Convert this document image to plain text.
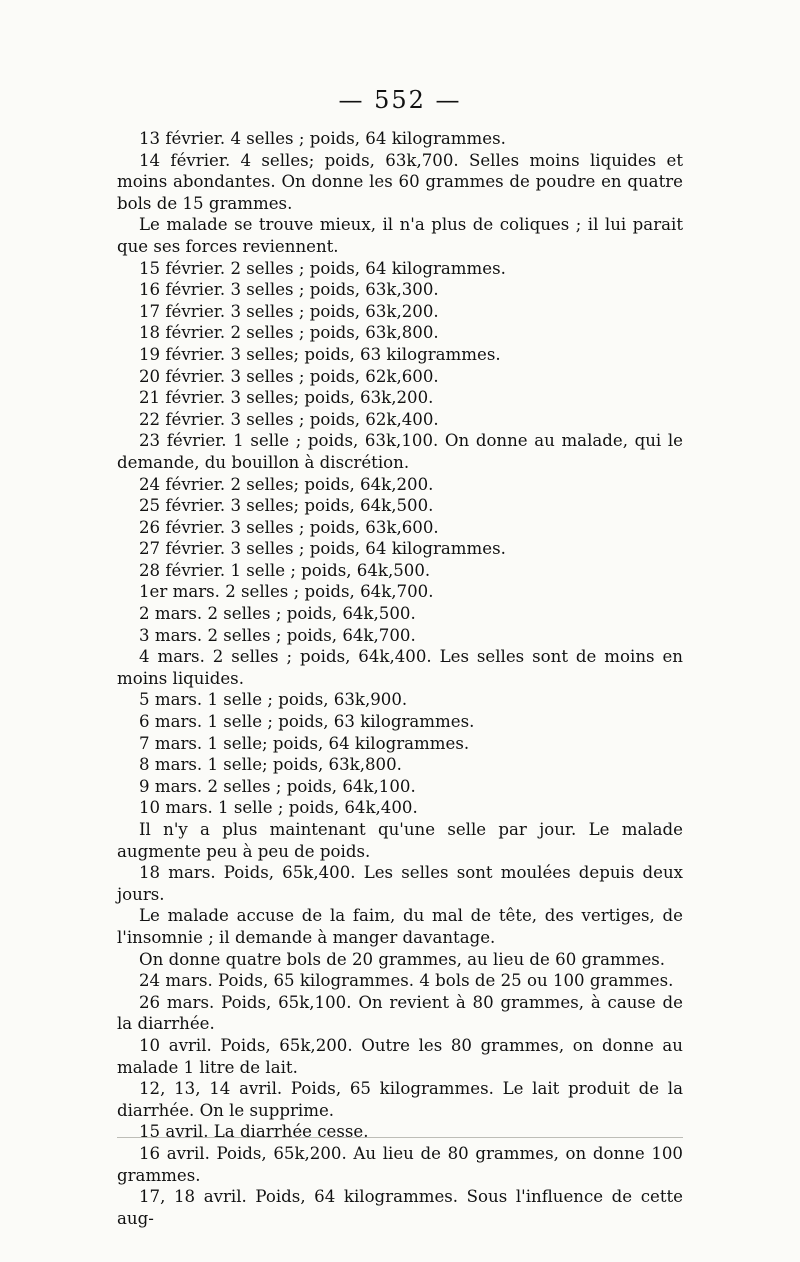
— 552 —

13 février. 4 selles ; poids, 64 kilogrammes.

14 février. 4 selles; poids, 63k,700. Selles moins liquides et moins abondantes. On donne les 60 grammes de poudre en quatre bols de 15 grammes.

Le malade se trouve mieux, il n'a plus de coliques ; il lui parait que ses forces reviennent.

15 février. 2 selles ; poids, 64 kilogrammes.

16 février. 3 selles ; poids, 63k,300.

17 février. 3 selles ; poids, 63k,200.

18 février. 2 selles ; poids, 63k,800.

19 février. 3 selles; poids, 63 kilogrammes.

20 février. 3 selles ; poids, 62k,600.

21 février. 3 selles; poids, 63k,200.

22 février. 3 selles ; poids, 62k,400.

23 février. 1 selle ; poids, 63k,100. On donne au malade, qui le demande, du bouillon à discrétion.

24 février. 2 selles; poids, 64k,200.

25 février. 3 selles; poids, 64k,500.

26 février. 3 selles ; poids, 63k,600.

27 février. 3 selles ; poids, 64 kilogrammes.

28 février. 1 selle ; poids, 64k,500.

1er mars. 2 selles ; poids, 64k,700.

2 mars. 2 selles ; poids, 64k,500.

3 mars. 2 selles ; poids, 64k,700.

4 mars. 2 selles ; poids, 64k,400. Les selles sont de moins en moins liquides.

5 mars. 1 selle ; poids, 63k,900.

6 mars. 1 selle ; poids, 63 kilogrammes.

7 mars. 1 selle; poids, 64 kilogrammes.

8 mars. 1 selle; poids, 63k,800.

9 mars. 2 selles ; poids, 64k,100.

10 mars. 1 selle ; poids, 64k,400.

Il n'y a plus maintenant qu'une selle par jour. Le malade augmente peu à peu de poids.

18 mars. Poids, 65k,400. Les selles sont moulées depuis deux jours.

Le malade accuse de la faim, du mal de tête, des vertiges, de l'insomnie ; il demande à manger davantage.

On donne quatre bols de 20 grammes, au lieu de 60 grammes.

24 mars. Poids, 65 kilogrammes. 4 bols de 25 ou 100 grammes.

26 mars. Poids, 65k,100. On revient à 80 grammes, à cause de la diarrhée.

10 avril. Poids, 65k,200. Outre les 80 grammes, on donne au malade 1 litre de lait.

12, 13, 14 avril. Poids, 65 kilogrammes. Le lait produit de la diarrhée. On le supprime.

15 avril. La diarrhée cesse.

16 avril. Poids, 65k,200. Au lieu de 80 grammes, on donne 100 grammes.

17, 18 avril. Poids, 64 kilogrammes. Sous l'influence de cette aug-
